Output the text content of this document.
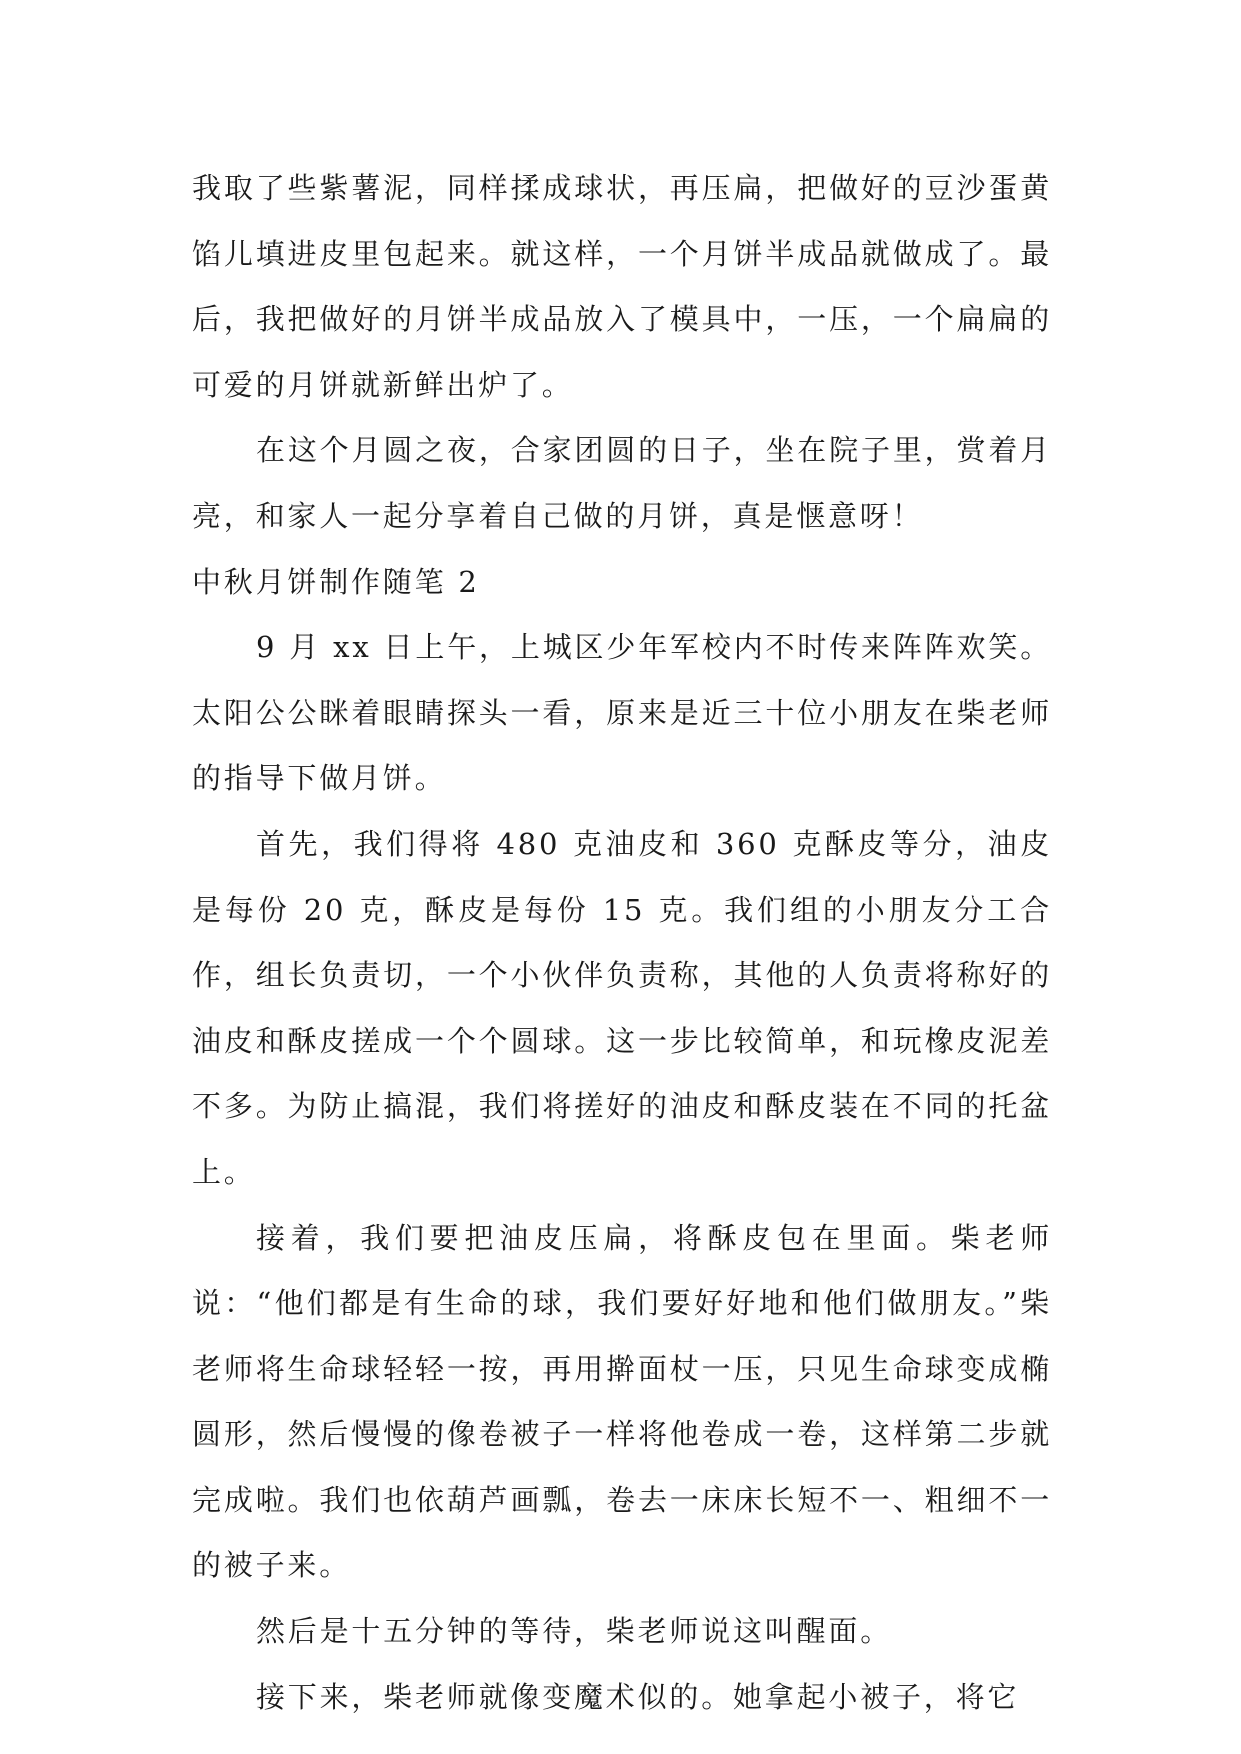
我取了些紫薯泥，同样揉成球状，再压扁，把做好的豆沙蛋黄馅儿填进皮里包起来。就这样，一个月饼半成品就做成了。最后，我把做好的月饼半成品放入了模具中，一压，一个扁扁的可爱的月饼就新鲜出炉了。

在这个月圆之夜，合家团圆的日子，坐在院子里，赏着月亮，和家人一起分享着自己做的月饼，真是惬意呀！

中秋月饼制作随笔 2

9 月 xx 日上午，上城区少年军校内不时传来阵阵欢笑。太阳公公眯着眼睛探头一看，原来是近三十位小朋友在柴老师的指导下做月饼。

首先，我们得将 480 克油皮和 360 克酥皮等分，油皮是每份 20 克，酥皮是每份 15 克。我们组的小朋友分工合作，组长负责切，一个小伙伴负责称，其他的人负责将称好的油皮和酥皮搓成一个个圆球。这一步比较简单，和玩橡皮泥差不多。为防止搞混，我们将搓好的油皮和酥皮装在不同的托盆上。

接着，我们要把油皮压扁，将酥皮包在里面。柴老师说：“他们都是有生命的球，我们要好好地和他们做朋友。”柴老师将生命球轻轻一按，再用擀面杖一压，只见生命球变成椭圆形，然后慢慢的像卷被子一样将他卷成一卷，这样第二步就完成啦。我们也依葫芦画瓢，卷去一床床长短不一、粗细不一的被子来。

然后是十五分钟的等待，柴老师说这叫醒面。

接下来，柴老师就像变魔术似的。她拿起小被子，将它
